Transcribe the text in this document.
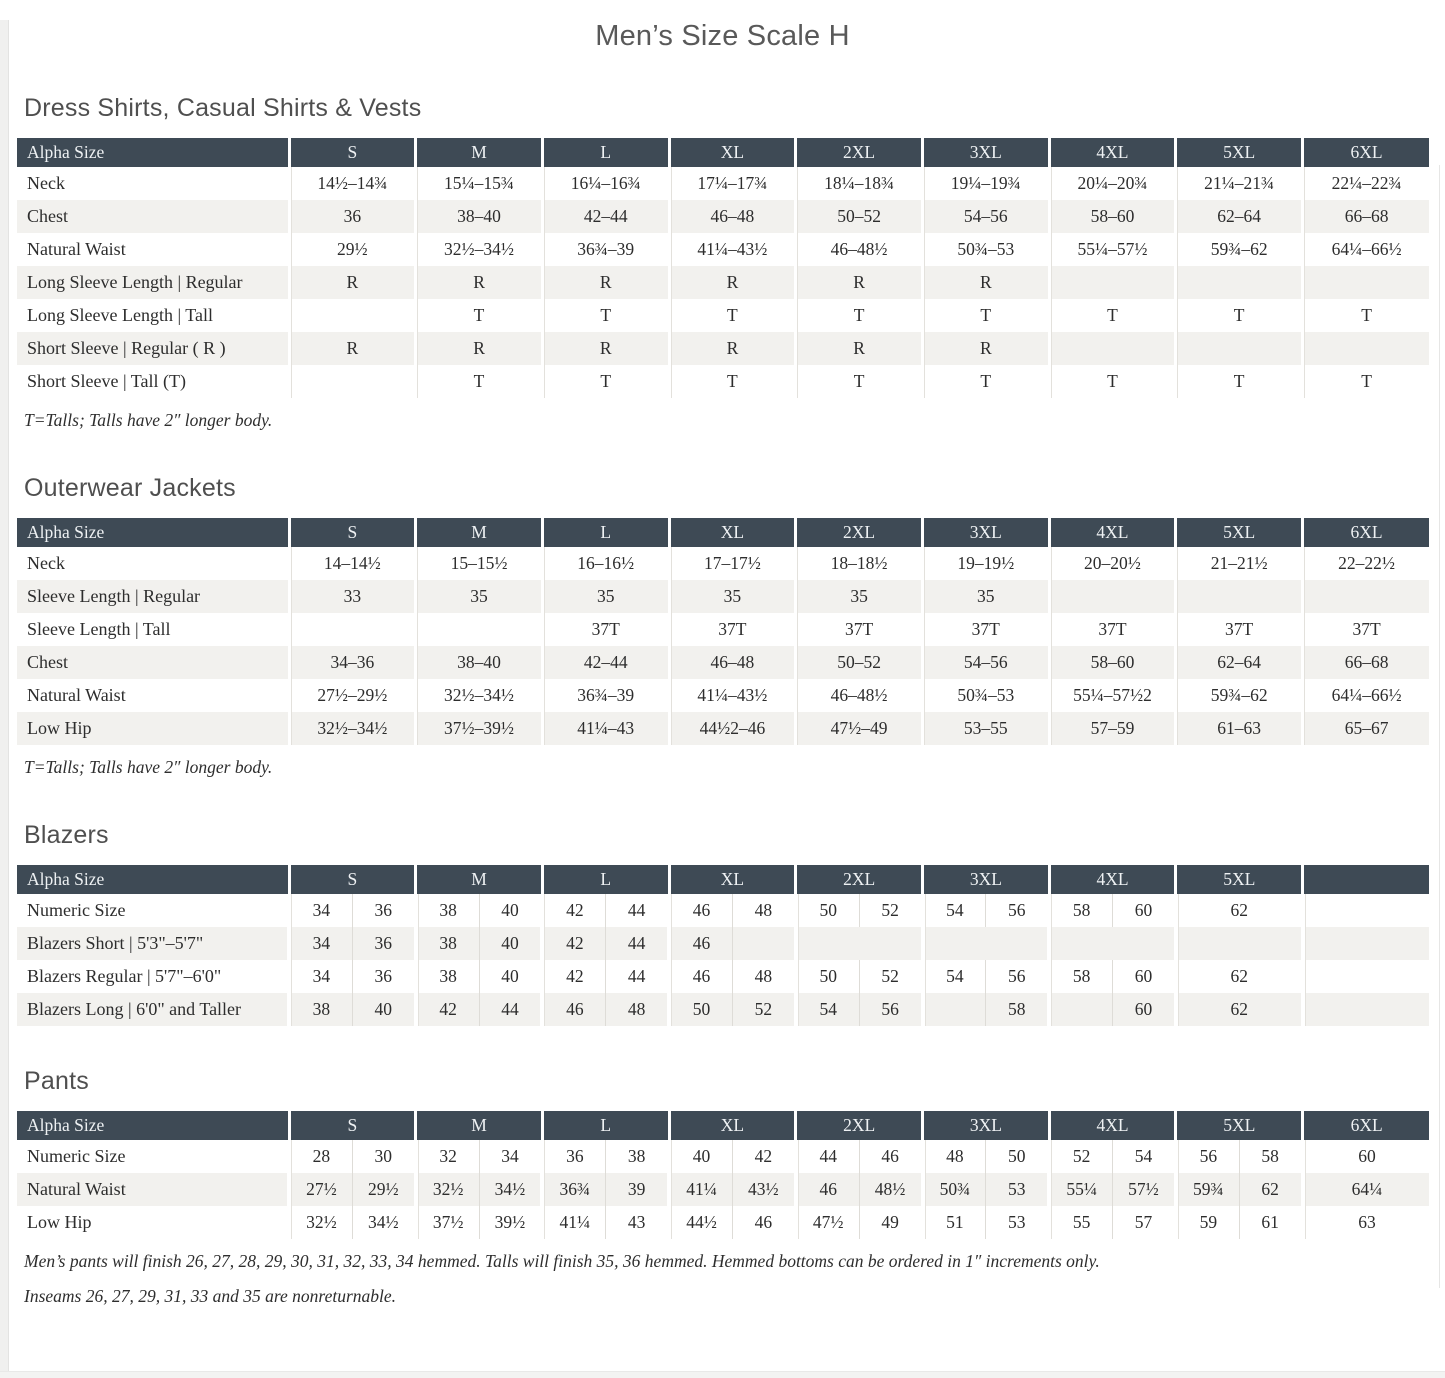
Men’s Size Scale H
Dress Shirts, Casual Shirts & Vests
Alpha Size	S	M	L	XL	2XL	3XL	4XL	5XL	6XL
Neck	14½–14¾	15¼–15¾	16¼–16¾	17¼–17¾	18¼–18¾	19¼–19¾	20¼–20¾	21¼–21¾	22¼–22¾
Chest	36	38–40	42–44	46–48	50–52	54–56	58–60	62–64	66–68
Natural Waist	29½	32½–34½	36¾–39	41¼–43½	46–48½	50¾–53	55¼–57½	59¾–62	64¼–66½
Long Sleeve Length | Regular	R	R	R	R	R	R			
Long Sleeve Length | Tall		T	T	T	T	T	T	T	T
Short Sleeve | Regular ( R )	R	R	R	R	R	R			
Short Sleeve | Tall (T)		T	T	T	T	T	T	T	T

T=Talls; Talls have 2″ longer body.

Outerwear Jackets
Alpha Size	S	M	L	XL	2XL	3XL	4XL	5XL	6XL
Neck	14–14½	15–15½	16–16½	17–17½	18–18½	19–19½	20–20½	21–21½	22–22½
Sleeve Length | Regular	33	35	35	35	35	35			
Sleeve Length | Tall			37T	37T	37T	37T	37T	37T	37T
Chest	34–36	38–40	42–44	46–48	50–52	54–56	58–60	62–64	66–68
Natural Waist	27½–29½	32½–34½	36¾–39	41¼–43½	46–48½	50¾–53	55¼–57½2	59¾–62	64¼–66½
Low Hip	32½–34½	37½–39½	41¼–43	44½2–46	47½–49	53–55	57–59	61–63	65–67

T=Talls; Talls have 2″ longer body.

Blazers
Alpha Size	S		M		L		XL		2XL		3XL		4XL		5XL	
Numeric Size	34	36	38	40	42	44	46	48	50	52	54	56	58	60	62	
Blazers Short | 5'3"–5'7"	34	36	38	40	42	44	46									
Blazers Regular | 5'7"–6'0"	34	36	38	40	42	44	46	48	50	52	54	56	58	60	62	
Blazers Long | 6'0" and Taller	38	40	42	44	46	48	50	52	54	56		58		60	62	
Pants
Alpha Size	S		M		L		XL		2XL		3XL		4XL		5XL		6XL
Numeric Size	28	30	32	34	36	38	40	42	44	46	48	50	52	54	56	58	60
Natural Waist	27½	29½	32½	34½	36¾	39	41¼	43½	46	48½	50¾	53	55¼	57½	59¾	62	64¼
Low Hip	32½	34½	37½	39½	41¼	43	44½	46	47½	49	51	53	55	57	59	61	63

Men’s pants will finish 26, 27, 28, 29, 30, 31, 32, 33, 34 hemmed. Talls will finish 35, 36 hemmed. Hemmed bottoms can be ordered in 1″ increments only.

Inseams 26, 27, 29, 31, 33 and 35 are nonreturnable.
